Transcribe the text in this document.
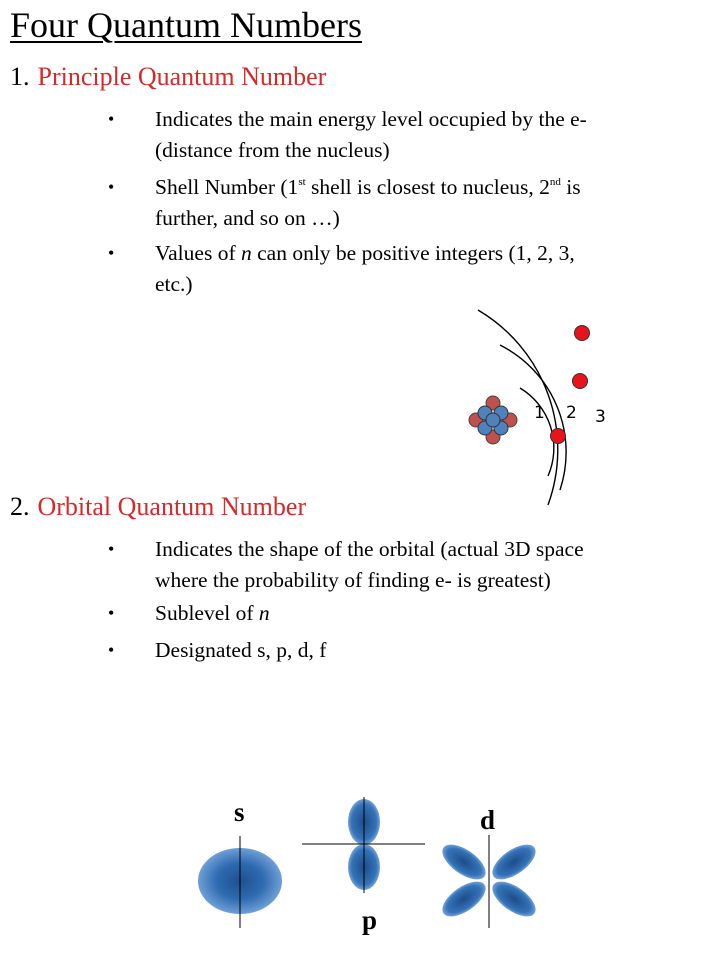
Four Quantum Numbers
1. Principle Quantum Number
• Indicates the main energy level occupied by the e-
(distance from the nucleus)
• Shell Number (1st shell is closest to nucleus, 2nd is
further, and so on …)
• Values of n can only be positive integers (1, 2, 3,
etc.)
1 2 3
2. Orbital Quantum Number
• Indicates the shape of the orbital (actual 3D space
where the probability of finding e- is greatest)
• Sublevel of n
• Designated s, p, d, f
s
p
d
